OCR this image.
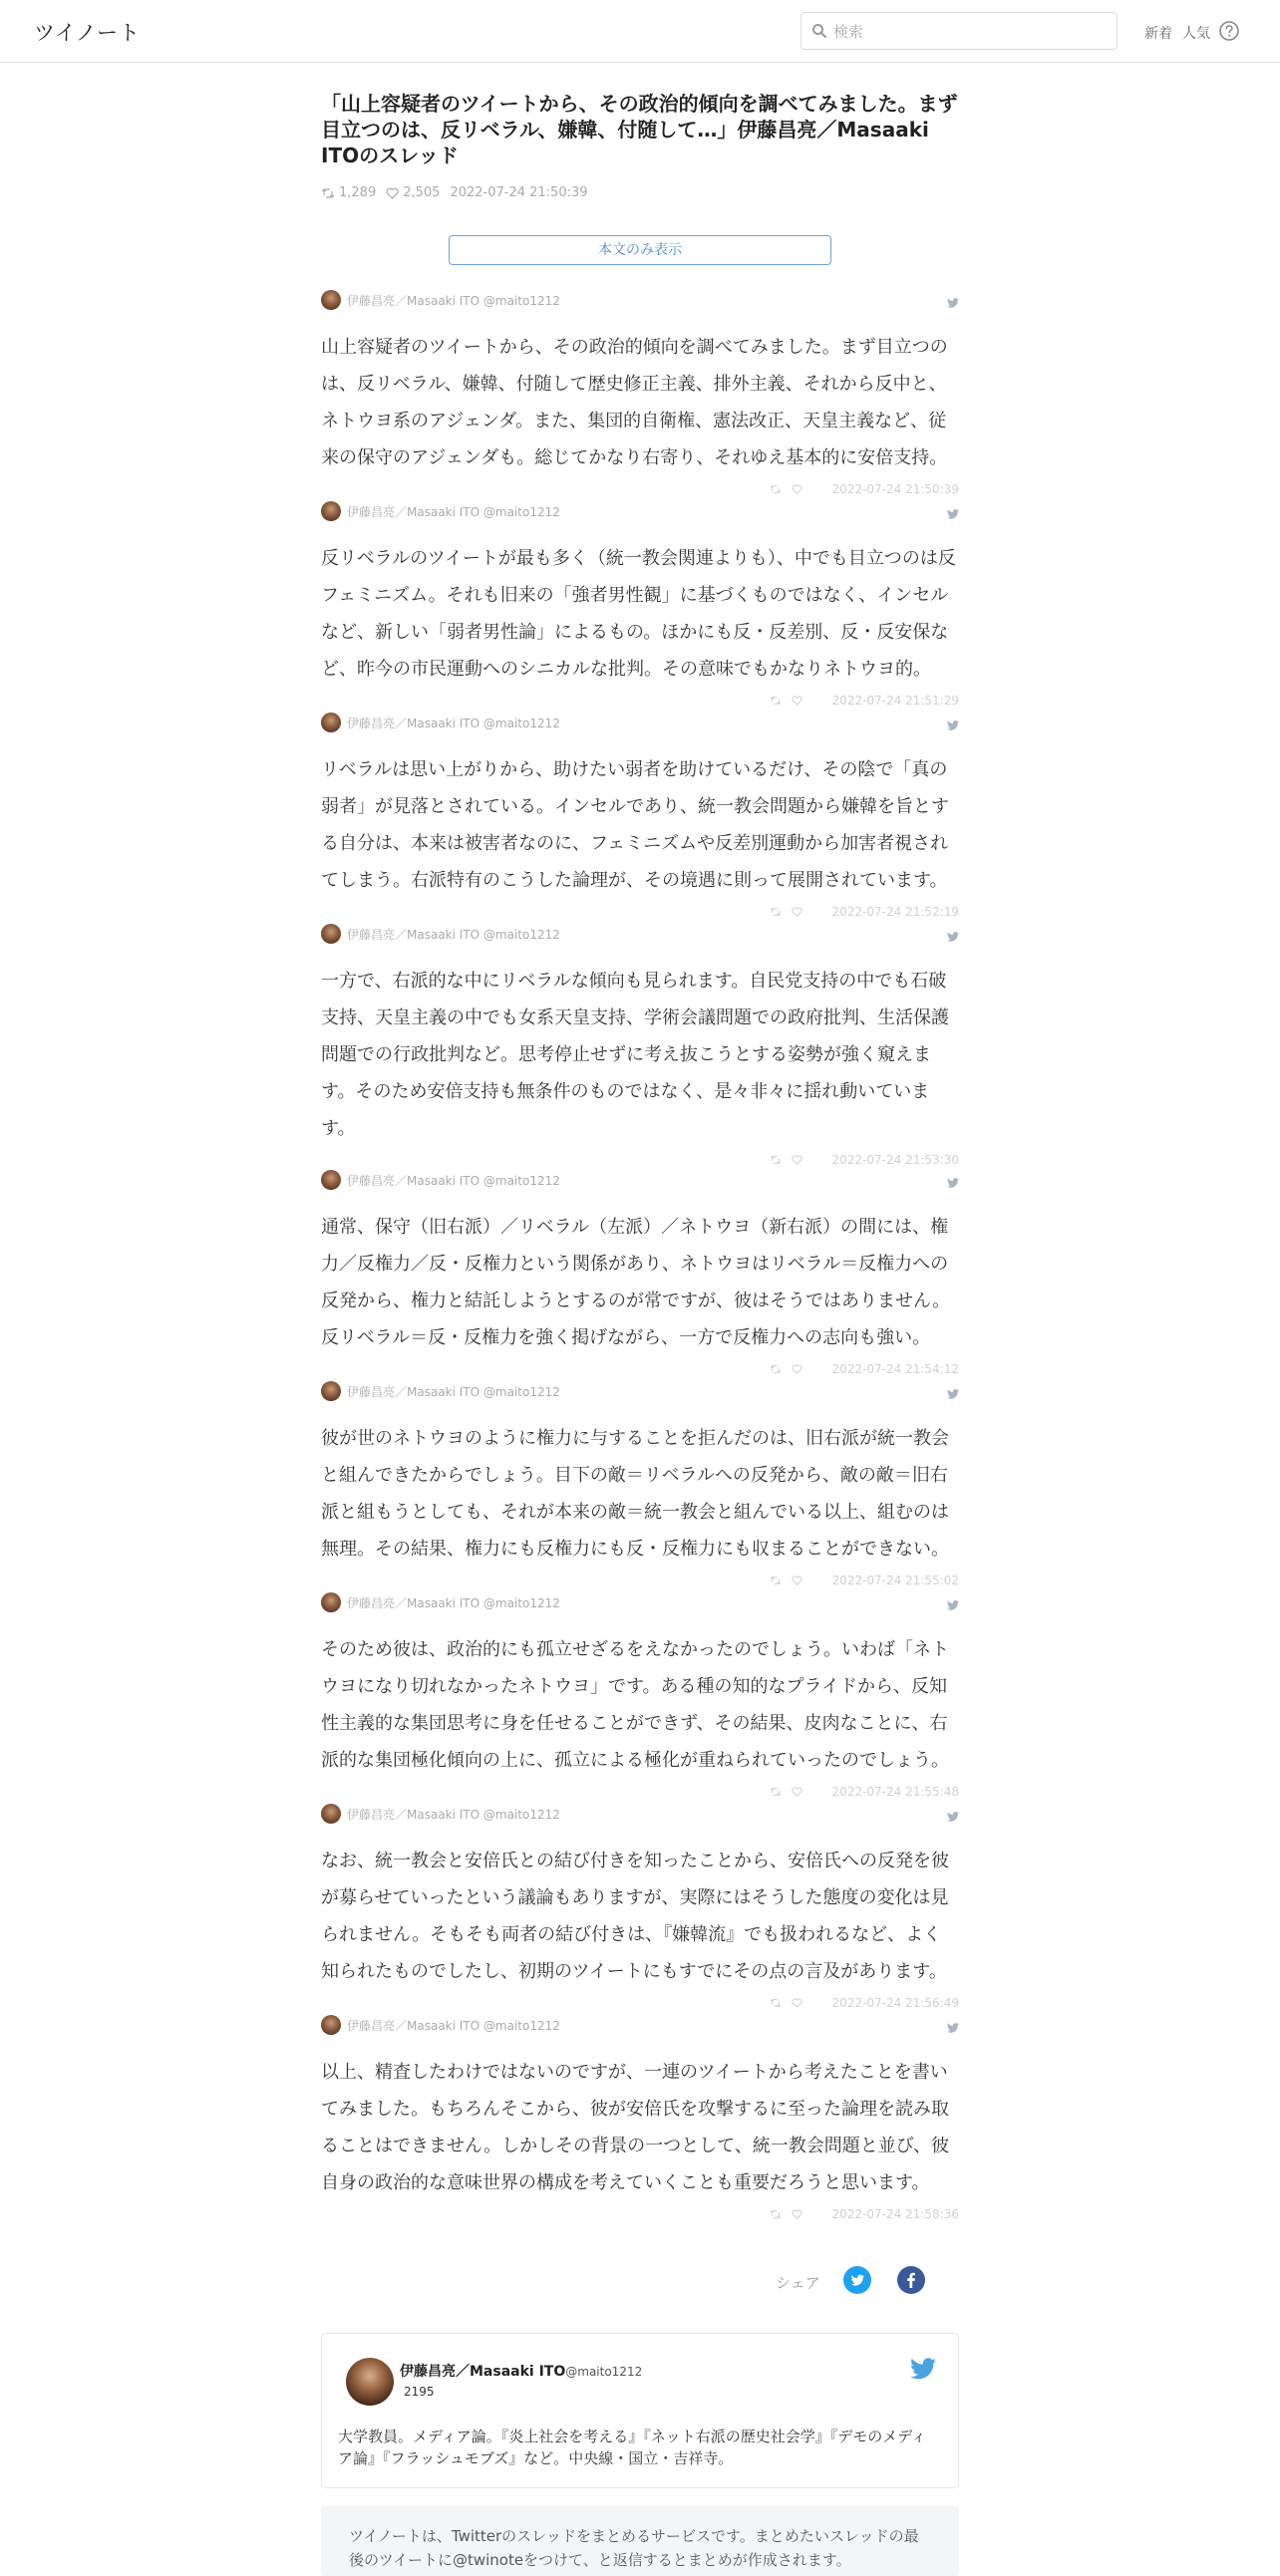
ツイノート
検索	新着 人気
「山上容疑者のツイートから、その政治的傾向を調べてみました。まず目立つのは、反リベラル、嫌韓、付随して…」伊藤昌亮／Masaaki ITOのスレッド
1,289 2,505 2022-07-24 21:50:39
本文のみ表示
伊藤昌亮／Masaaki ITO @maito1212
山上容疑者のツイートから、その政治的傾向を調べてみました。まず目立つのは、反リベラル、嫌韓、付随して歴史修正主義、排外主義、それから反中と、ネトウヨ系のアジェンダ。また、集団的自衛権、憲法改正、天皇主義など、従来の保守のアジェンダも。総じてかなり右寄り、それゆえ基本的に安倍支持。
2022-07-24 21:50:39
伊藤昌亮／Masaaki ITO @maito1212
反リベラルのツイートが最も多く（統一教会関連よりも）、中でも目立つのは反フェミニズム。それも旧来の「強者男性観」に基づくものではなく、インセルなど、新しい「弱者男性論」によるもの。ほかにも反・反差別、反・反安保など、昨今の市民運動へのシニカルな批判。その意味でもかなりネトウヨ的。
2022-07-24 21:51:29
伊藤昌亮／Masaaki ITO @maito1212
リベラルは思い上がりから、助けたい弱者を助けているだけ、その陰で「真の弱者」が見落とされている。インセルであり、統一教会問題から嫌韓を旨とする自分は、本来は被害者なのに、フェミニズムや反差別運動から加害者視されてしまう。右派特有のこうした論理が、その境遇に則って展開されています。
2022-07-24 21:52:19
伊藤昌亮／Masaaki ITO @maito1212
一方で、右派的な中にリベラルな傾向も見られます。自民党支持の中でも石破支持、天皇主義の中でも女系天皇支持、学術会議問題での政府批判、生活保護問題での行政批判など。思考停止せずに考え抜こうとする姿勢が強く窺えます。そのため安倍支持も無条件のものではなく、是々非々に揺れ動いています。
2022-07-24 21:53:30
伊藤昌亮／Masaaki ITO @maito1212
通常、保守（旧右派）／リベラル（左派）／ネトウヨ（新右派）の間には、権力／反権力／反・反権力という関係があり、ネトウヨはリベラル＝反権力への反発から、権力と結託しようとするのが常ですが、彼はそうではありません。反リベラル＝反・反権力を強く掲げながら、一方で反権力への志向も強い。
2022-07-24 21:54:12
伊藤昌亮／Masaaki ITO @maito1212
彼が世のネトウヨのように権力に与することを拒んだのは、旧右派が統一教会と組んできたからでしょう。目下の敵＝リベラルへの反発から、敵の敵＝旧右派と組もうとしても、それが本来の敵＝統一教会と組んでいる以上、組むのは無理。その結果、権力にも反権力にも反・反権力にも収まることができない。
2022-07-24 21:55:02
伊藤昌亮／Masaaki ITO @maito1212
そのため彼は、政治的にも孤立せざるをえなかったのでしょう。いわば「ネトウヨになり切れなかったネトウヨ」です。ある種の知的なプライドから、反知性主義的な集団思考に身を任せることができず、その結果、皮肉なことに、右派的な集団極化傾向の上に、孤立による極化が重ねられていったのでしょう。
2022-07-24 21:55:48
伊藤昌亮／Masaaki ITO @maito1212
なお、統一教会と安倍氏との結び付きを知ったことから、安倍氏への反発を彼が募らせていったという議論もありますが、実際にはそうした態度の変化は見られません。そもそも両者の結び付きは、『嫌韓流』でも扱われるなど、よく知られたものでしたし、初期のツイートにもすでにその点の言及があります。
2022-07-24 21:56:49
伊藤昌亮／Masaaki ITO @maito1212
以上、精査したわけではないのですが、一連のツイートから考えたことを書いてみました。もちろんそこから、彼が安倍氏を攻撃するに至った論理を読み取ることはできません。しかしその背景の一つとして、統一教会問題と並び、彼自身の政治的な意味世界の構成を考えていくことも重要だろうと思います。
2022-07-24 21:58:36
シェア
伊藤昌亮／Masaaki ITO@maito1212
2195
大学教員。メディア論。『炎上社会を考える』『ネット右派の歴史社会学』『デモのメディア論』『フラッシュモブズ』など。中央線・国立・吉祥寺。

ツイノートは、Twitterのスレッドをまとめるサービスです。まとめたいスレッドの最後のツイートに@twinoteをつけて、と返信するとまとめが作成されます。
